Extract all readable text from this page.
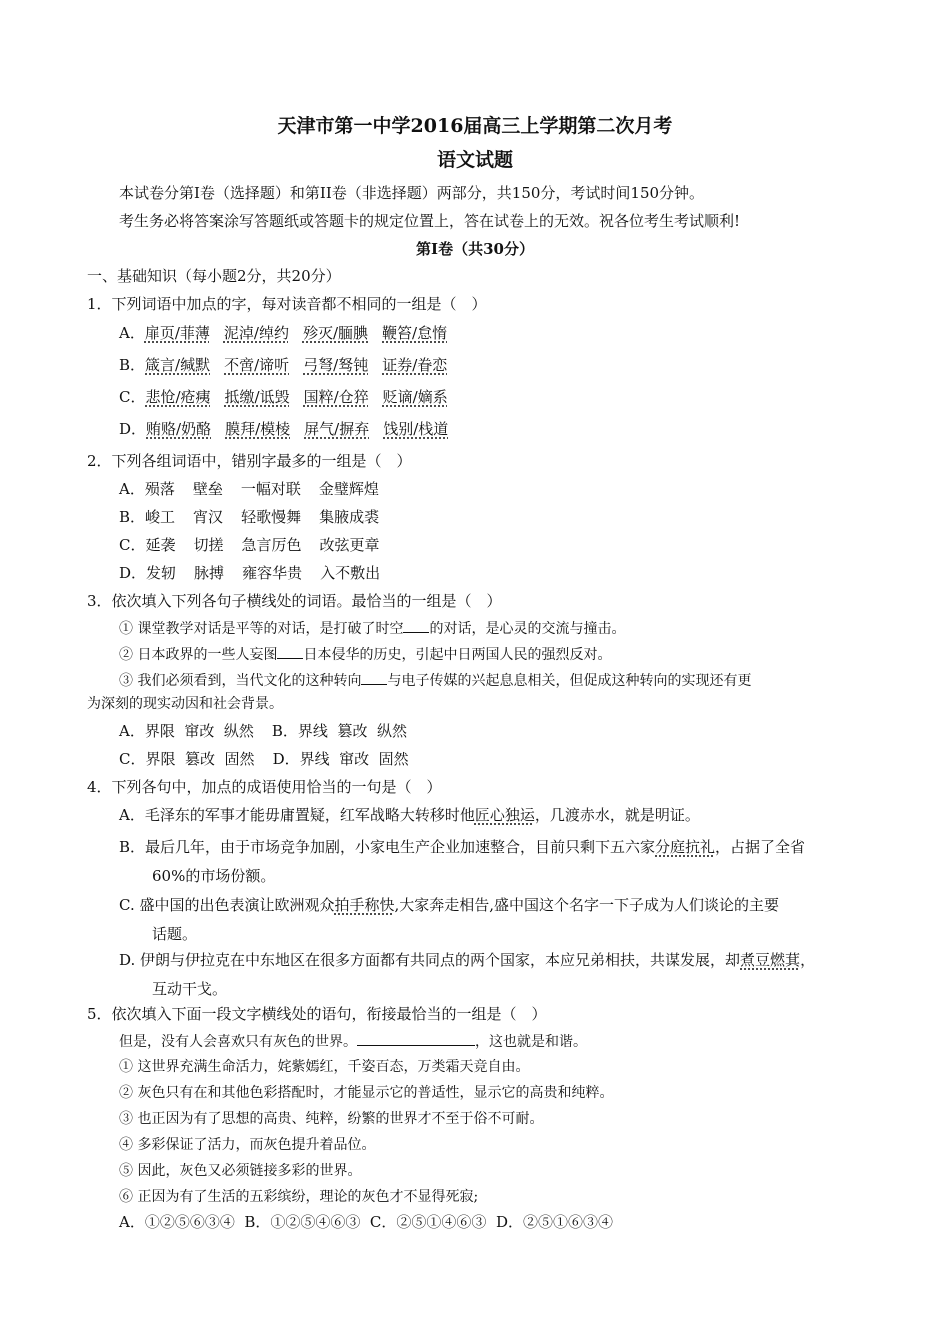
天津市第一中学2016届高三上学期第二次月考
语文试题
本试卷分第I卷（选择题）和第II卷（非选择题）两部分，共150分，考试时间150分钟。
考生务必将答案涂写答题纸或答题卡的规定位置上，答在试卷上的无效。祝各位考生考试顺利!
第Ⅰ卷（共30分）
一、基础知识（每小题2分，共20分）
1．下列词语中加点的字，每对读音都不相同的一组是（　）
A．扉页/菲薄 泥淖/绰约 殄灭/腼腆 鞭笞/怠惰
B．箴言/缄默 不啻/谛听 弓弩/驽钝 证券/眷恋
C．悲怆/疮痍 抵缴/诋毁 国粹/仓猝 贬谪/嫡系
D．贿赂/奶酪 膜拜/模棱 屏气/摒弃 饯别/栈道
2．下列各组词语中，错别字最多的一组是（　）
A．殒落 壁垒 一幅对联 金璧辉煌
B．峻工 宵汉 轻歌慢舞 集腋成裘
C．延袭 切搓 急言厉色 改弦更章
D．发轫 脉搏 雍容华贵 入不敷出
3．依次填入下列各句子横线处的词语。最恰当的一组是（　）
① 课堂教学对话是平等的对话，是打破了时空 的对话，是心灵的交流与撞击。
② 日本政界的一些人妄图 日本侵华的历史，引起中日两国人民的强烈反对。
③ 我们必须看到，当代文化的这种转向 与电子传媒的兴起息息相关，但促成这种转向的实现还有更
为深刻的现实动因和社会背景。
A．界限  窜改  纵然 B．界线  篡改  纵然
C．界限  篡改  固然 D．界线  窜改  固然
4．下列各句中，加点的成语使用恰当的一句是（　）
A．毛泽东的军事才能毋庸置疑，红军战略大转移时他匠心独运，几渡赤水，就是明证。
B．最后几年，由于市场竞争加剧，小家电生产企业加速整合，目前只剩下五六家分庭抗礼，占据了全省
60%的市场份额。
C. 盛中国的出色表演让欧洲观众拍手称快,大家奔走相告,盛中国这个名字一下子成为人们谈论的主要
话题。
D. 伊朗与伊拉克在中东地区在很多方面都有共同点的两个国家，本应兄弟相扶，共谋发展，却煮豆燃萁，
互动干戈。
5．依次填入下面一段文字横线处的语句，衔接最恰当的一组是（　）
但是，没有人会喜欢只有灰色的世界。	，这也就是和谐。
① 这世界充满生命活力，姹紫嫣红，千姿百态，万类霜天竞自由。
② 灰色只有在和其他色彩搭配时，才能显示它的普适性，显示它的高贵和纯粹。
③ 也正因为有了思想的高贵、纯粹，纷繁的世界才不至于俗不可耐。
④ 多彩保证了活力，而灰色提升着品位。
⑤ 因此，灰色又必须链接多彩的世界。
⑥ 正因为有了生活的五彩缤纷，理论的灰色才不显得死寂;
A．①②⑤⑥③④  B．①②⑤④⑥③  C．②⑤①④⑥③  D．②⑤①⑥③④
